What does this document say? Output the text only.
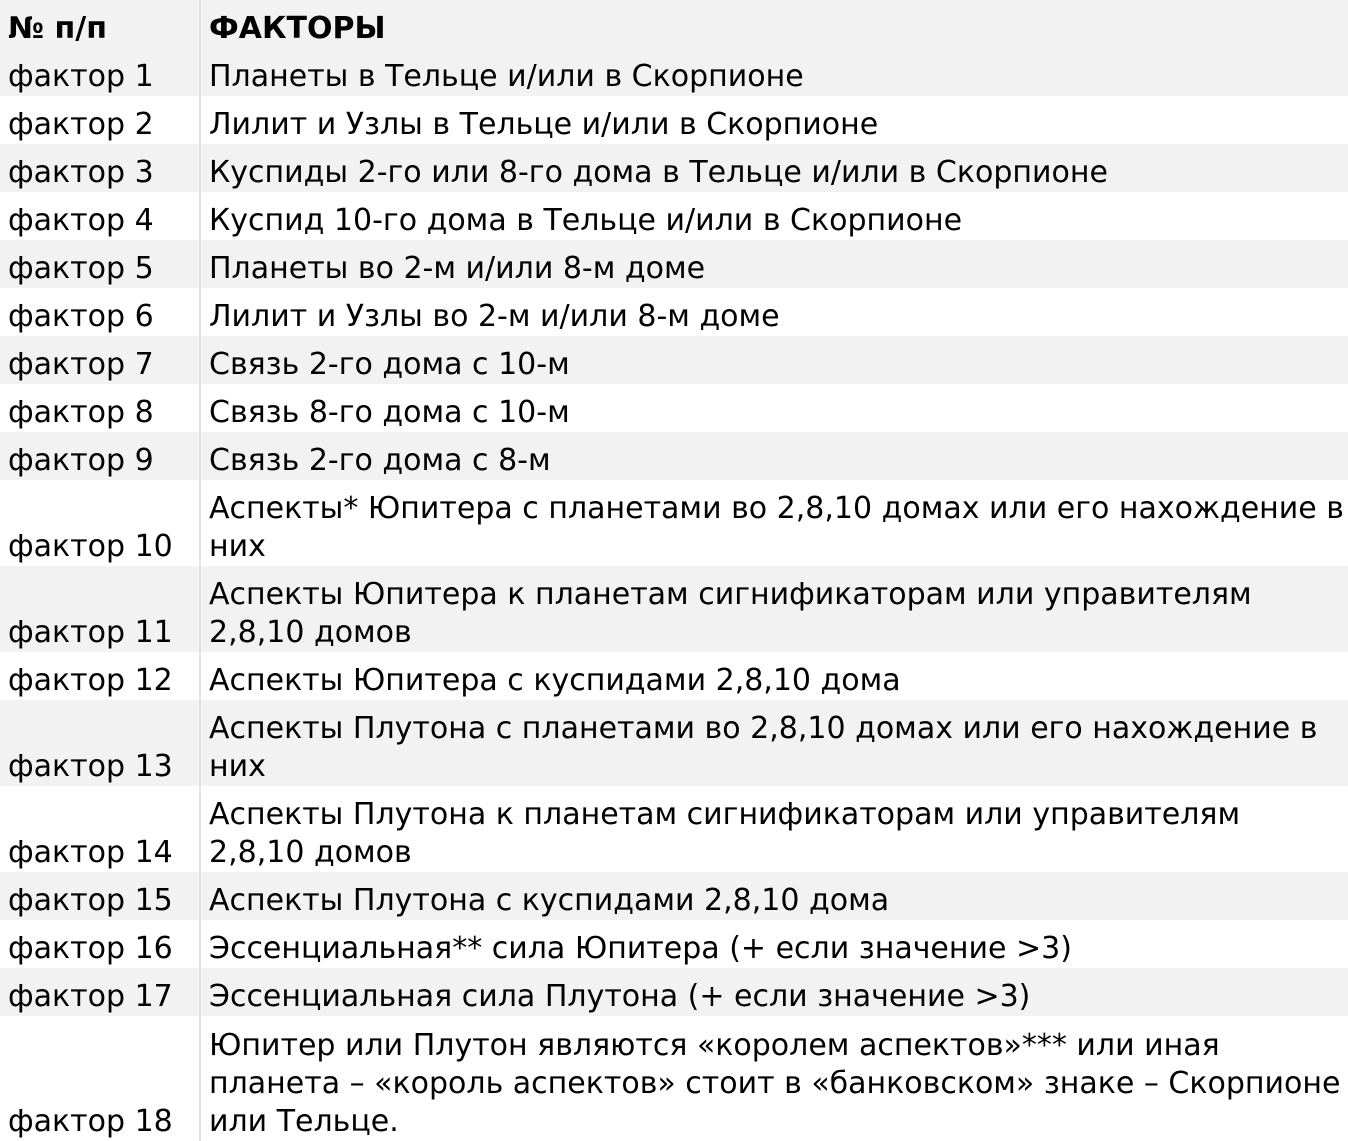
№ п/п	ФАКТОРЫ
фактор 1	Планеты в Тельце и/или в Скорпионе
фактор 2	Лилит и Узлы в Тельце и/или в Скорпионе
фактор 3	Куспиды 2-го или 8-го дома в Тельце и/или в Скорпионе
фактор 4	Куспид 10-го дома в Тельце и/или в Скорпионе
фактор 5	Планеты во 2-м и/или 8-м доме
фактор 6	Лилит и Узлы во 2-м и/или 8-м доме
фактор 7	Связь 2-го дома с 10-м
фактор 8	Связь 8-го дома с 10-м
фактор 9	Связь 2-го дома с 8-м
фактор 10	Аспекты* Юпитера с планетами во 2,8,10 домах или его нахождение в них
фактор 11	Аспекты Юпитера к планетам сигнификаторам или управителям 2,8,10 домов
фактор 12	Аспекты Юпитера с куспидами 2,8,10 дома
фактор 13	Аспекты Плутона с планетами во 2,8,10 домах или его нахождение в них
фактор 14	Аспекты Плутона к планетам сигнификаторам или управителям 2,8,10 домов
фактор 15	Аспекты Плутона с куспидами 2,8,10 дома
фактор 16	Эссенциальная** сила Юпитера (+ если значение >3)
фактор 17	Эссенциальная сила Плутона (+ если значение >3)
фактор 18	Юпитер или Плутон являются «королем аспектов»*** или иная планета – «король аспектов» стоит в «банковском» знаке – Скорпионе или Тельце.
